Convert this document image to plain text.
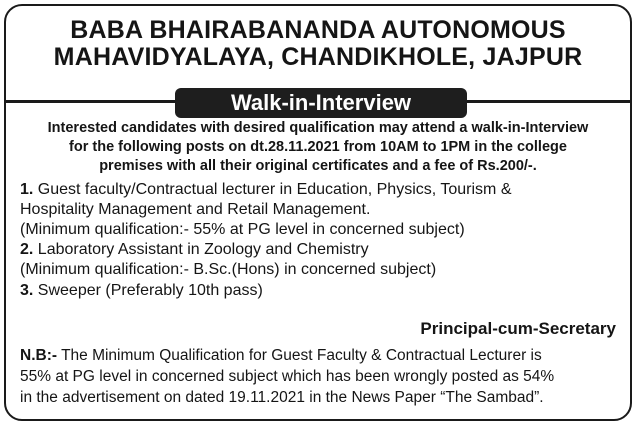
BABA BHAIRABANANDA AUTONOMOUS
MAHAVIDYALAYA, CHANDIKHOLE, JAJPUR
Walk-in-Interview
Interested candidates with desired qualification may attend a walk-in-Interview
for the following posts on dt.28.11.2021 from 10AM to 1PM in the college
premises with all their original certificates and a fee of Rs.200/-.
1. Guest faculty/Contractual lecturer in Education, Physics, Tourism &
Hospitality Management and Retail Management.
(Minimum qualification:- 55% at PG level in concerned subject)
2. Laboratory Assistant in Zoology and Chemistry
(Minimum qualification:- B.Sc.(Hons) in concerned subject)
3. Sweeper (Preferably 10th pass)
Principal-cum-Secretary
N.B:- The Minimum Qualification for Guest Faculty & Contractual Lecturer is
55% at PG level in concerned subject which has been wrongly posted as 54%
in the advertisement on dated 19.11.2021 in the News Paper “The Sambad”.
